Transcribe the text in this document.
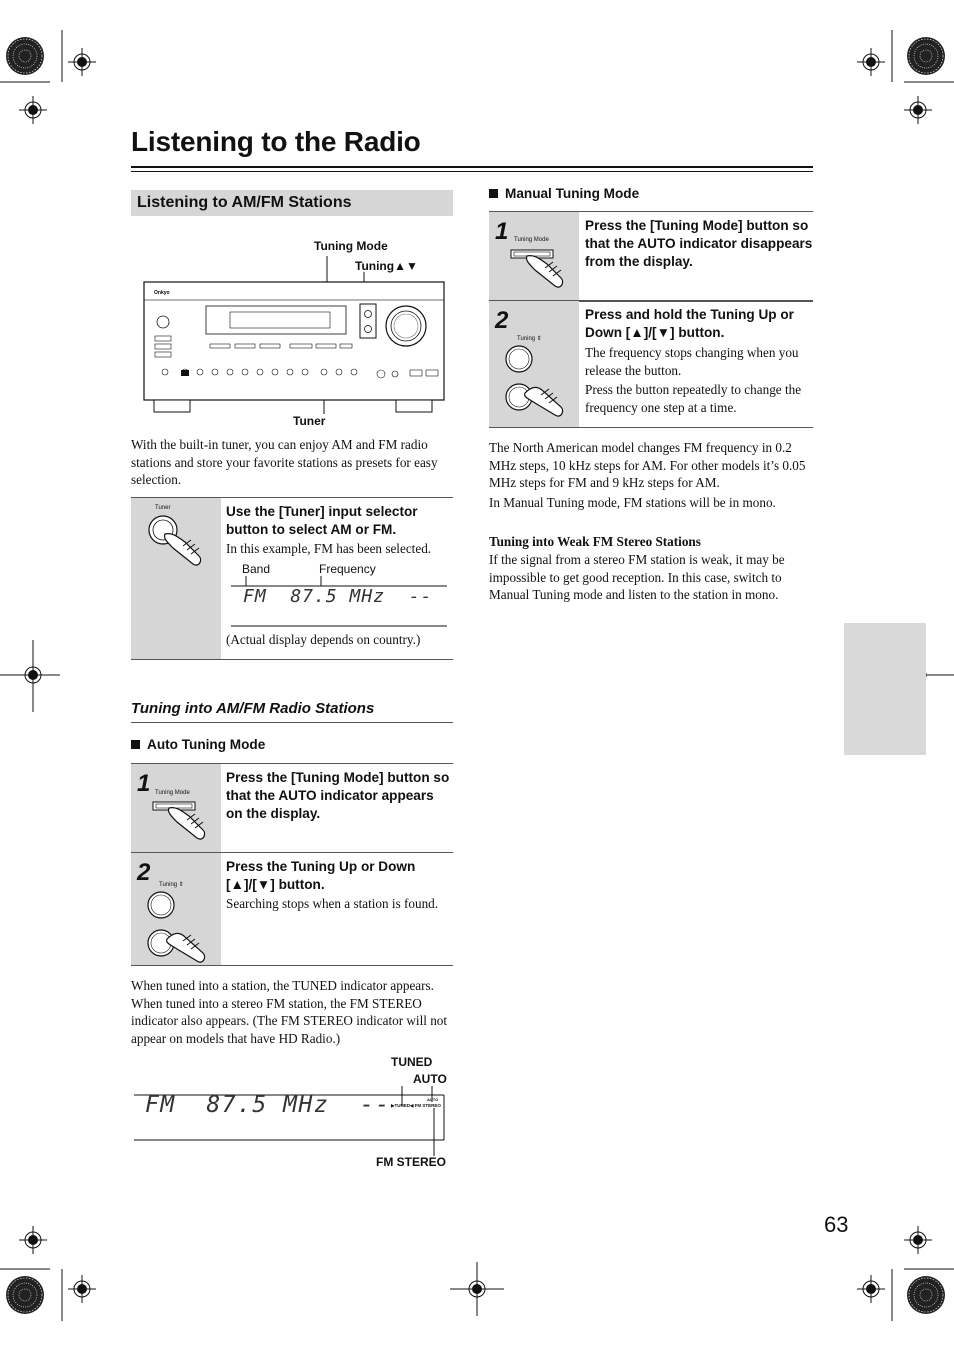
Listening to the Radio
Listening to AM/FM Stations
Tuning Mode
Tuning▲▼
Onkyo
Tuner
With the built-in tuner, you can enjoy AM and FM radio stations and store your favorite stations as presets for easy selection.
Tuner	Use the [Tuner] input selector button to select AM or FM.
In this example, FM has been selected.
Band	Frequency
FM  87.5 MHz  --
(Actual display depends on country.)
Tuning into AM/FM Radio Stations
Auto Tuning Mode
1 Tuning Mode
Press the [Tuning Mode] button so that the AUTO indicator appears on the display.
2 Tuning ⇕
Press the Tuning Up or Down [▲]/[▼] button.
Searching stops when a station is found.
When tuned into a station, the TUNED indicator appears. When tuned into a stereo FM station, the FM STEREO indicator also appears. (The FM STEREO indicator will not appear on models that have HD Radio.)
TUNED
AUTO
FM  87.5 MHz  --	AUTO
▶TUNED◀ FM STEREO
FM STEREO
Manual Tuning Mode
1 Tuning Mode
Press the [Tuning Mode] button so that the AUTO indicator disappears from the display.
2
Tuning ⇕
Press and hold the Tuning Up or Down [▲]/[▼] button.
The frequency stops changing when you release the button.
Press the button repeatedly to change the frequency one step at a time.
The North American model changes FM frequency in 0.2 MHz steps, 10 kHz steps for AM. For other models it’s 0.05 MHz steps for FM and 9 kHz steps for AM.
In Manual Tuning mode, FM stations will be in mono.
Tuning into Weak FM Stereo Stations
If the signal from a stereo FM station is weak, it may be impossible to get good reception. In this case, switch to Manual Tuning mode and listen to the station in mono.
63
